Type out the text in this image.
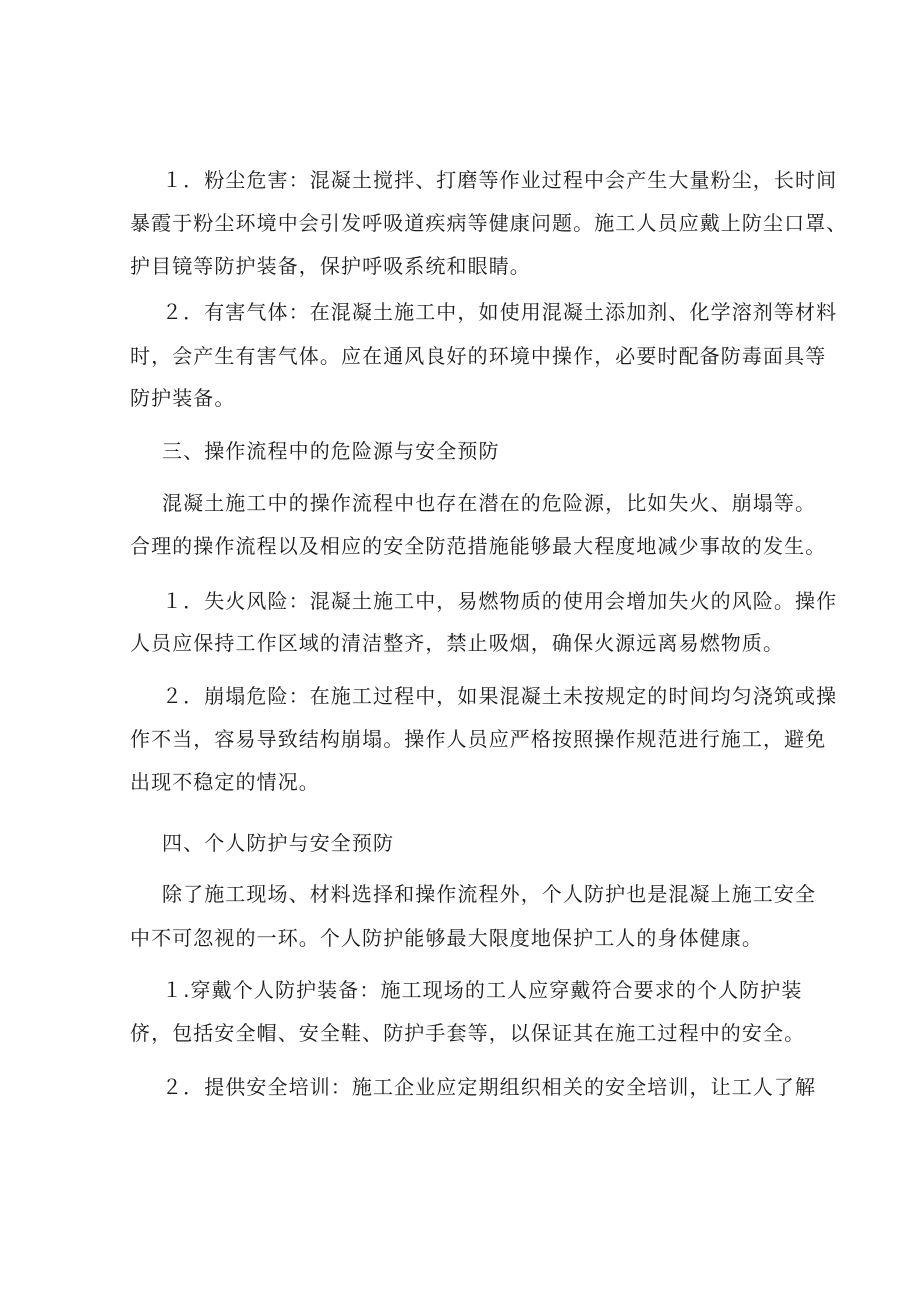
１．粉尘危害：混凝土搅拌、打磨等作业过程中会产生大量粉尘，长时间
暴霞于粉尘环境中会引发呼吸道疾病等健康问题。施工人员应戴上防尘口罩、
护目镜等防护装备，保护呼吸系统和眼睛。
２．有害气体：在混凝土施工中，如使用混凝土添加剂、化学溶剂等材料
时，会产生有害气体。应在通风良好的环境中操作，必要时配备防毒面具等
防护装备。
三、操作流程中的危险源与安全预防
混凝土施工中的操作流程中也存在潜在的危险源，比如失火、崩塌等。
合理的操作流程以及相应的安全防范措施能够最大程度地减少事故的发生。
１．失火风险：混凝土施工中，易燃物质的使用会增加失火的风险。操作
人员应保持工作区域的清洁整齐，禁止吸烟，确保火源远离易燃物质。
２．崩塌危险：在施工过程中，如果混凝土未按规定的时间均匀浇筑或操
作不当，容易导致结构崩塌。操作人员应严格按照操作规范进行施工，避免
出现不稳定的情况。
四、个人防护与安全预防
除了施工现场、材料选择和操作流程外，个人防护也是混凝上施工安全
中不可忽视的一环。个人防护能够最大限度地保护工人的身体健康。
１.穿戴个人防护装备：施工现场的工人应穿戴符合要求的个人防护装
侪，包括安全帽、安全鞋、防护手套等，以保证其在施工过程中的安全。
２．提供安全培训：施工企业应定期组织相关的安全培训，让工人了解
